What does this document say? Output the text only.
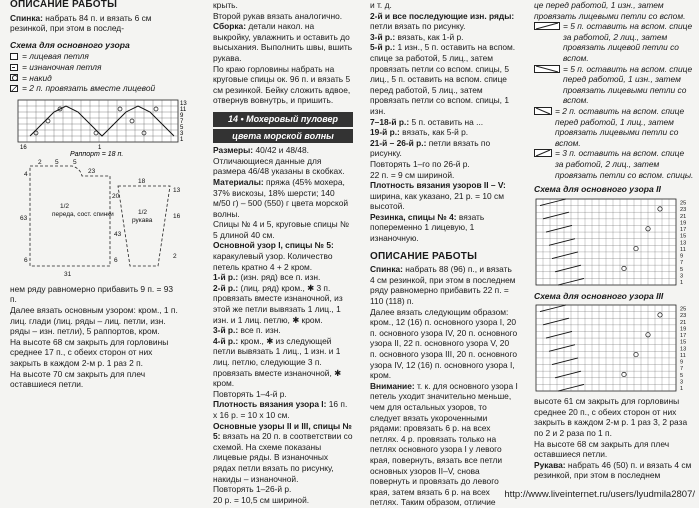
ОПИСАНИЕ РАБОТЫ

Спинка: набрать 84 п. и вязать 6 см резинкой, при этом в послед-

Схема для основного узора
= лицевая петля
= изнаночная петля
= накид
= 2 п. провязать вместе лицевой
13
11
9
7
5
3
1
16	1
Раппорт = 18 п.
1/2
переда, сост. спинки	1/2
рукава
2 5 5
23
18
20
4
63
6
16
13
2
43
6
31

нем ряду равномерно прибавить 9 п. = 93 п.

Далее вязать основным узором: кром., 1 п. лиц. глади (лиц. ряды – лиц. петли, изн. ряды – изн. петли), 5 раппортов, кром.

На высоте 68 см закрыть для горловины среднее 17 п., с обеих сторон от них закрыть в каждом 2-м р. 1 раз 2 п.

На высоте 70 см закрыть для плеч оставшиеся петли.

крыть.

Второй рукав вязать аналогично.

Сборка: детали накол. на выкройку, увлажнить и оставить до высыхания. Выполнить швы, вшить рукава.

По краю горловины набрать на круговые спицы ок. 96 п. и вязать 5 см резинкой. Бейку сложить вдвое, отвернув вовнутрь, и пришить.

14 • Мохеровый пуловер
цвета морской волны

Размеры: 40/42 и 48/48.

Отличающиеся данные для размера 46/48 указаны в скобках.

Материалы: пряжа (45% мохера, 37% вискозы, 18% шерсти; 140 м/50 г) – 500 (550) г цвета морской волны.

Спицы № 4 и 5, круговые спицы № 5 длиной 40 см.

Основной узор I, спицы № 5: каракулевый узор. Количество петель кратно 4 + 2 кром.

1-й р.: (изн. ряд) все п. изн.

2-й р.: (лиц. ряд) кром., ✱ 3 п. провязать вместе изнаночной, из этой же петли вывязать 1 лиц., 1 изн. и 1 лиц. петлю, ✱ кром.

3-й р.: все п. изн.

4-й р.: кром., ✱ из следующей петли вывязать 1 лиц., 1 изн. и 1 лиц. петлю, следующие 3 п. провязать вместе изнаночной, ✱ кром.

Повторять 1–4-й р.

Плотность вязания узора I: 16 п. х 16 р. = 10 х 10 см.

Основные узоры II и III, спицы № 5: вязать на 20 п. в соответствии со схемой. На схеме показаны лицевые ряды. В изнаночных рядах петли вязать по рисунку, накиды – изнаночной.

Повторять 1–26-й р.

20 р. = 10,5 см шириной.

и т. д.

2-й и все последующие изн. ряды: петли вязать по рисунку.

3-й р.: вязать, как 1-й р.

5-й р.: 1 изн., 5 п. оставить на вспом. спице за работой, 5 лиц., затем провязать петли со вспом. спицы, 5 лиц., 5 п. оставить на вспом. спице перед работой, 5 лиц., затем провязать петли со вспом. спицы, 1 изн.

7–18-й р.: 5 п. оставить на ...

19-й р.: вязать, как 5-й р.

21-й – 26-й р.: петли вязать по рисунку.

Повторять 1–го по 26-й р.

22 п. = 9 см шириной.

Плотность вязания узоров II – V: ширина, как указано, 21 р. = 10 см высотой.

Резинка, спицы № 4: вязать попеременно 1 лицевую, 1 изнаночную.

ОПИСАНИЕ РАБОТЫ

Спинка: набрать 88 (96) п., и вязать 4 см резинкой, при этом в последнем ряду равномерно прибавить 22 п. = 110 (118) п.

Далее вязать следующим образом: кром., 12 (16) п. основного узора I, 20 п. основного узора IV, 20 п. основного узора II, 22 п. основного узора V, 20 п. основного узора III, 20 п. основного узора IV, 12 (16) п. основного узора I, кром.

Внимание: т. к. для основного узора I петель уходит значительно меньше, чем для остальных узоров, то следует вязать укороченными рядами: провязать 6 р. на всех петлях. 4 р. провязать только на петлях основного узора I у левого края, повернуть, вязать все петли основных узоров II–V, снова повернуть и провязать до левого края, затем вязать 6 р. на всех петлях. Таким образом, отличие

це перед работой, 1 изн., затем провязать лицевыми петли со вспом.

= 5 п. оставить на вспом. спице за работой, 2 лиц., затем провязать лицевой петли со вспом.
= 5 п. оставить на вспом. спице перед работой, 1 изн., затем провязать лицевыми петли со вспом.
= 2 п. оставить на вспом. спице перед работой, 1 лиц., затем провязать лицевыми петли со вспом.
= 3 п. оставить на вспом. спице за работой, 2 лиц., затем провязать петли со вспом. спицы.
Схема для основного узора II
25
23
21
19
17
15
13
11
9
7
5
3
1
Схема для основного узора III
25
23
21
19
17
15
13
11
9
7
5
3
1

высоте 61 см закрыть для горловины среднее 20 п., с обеих сторон от них закрыть в каждом 2-м р. 1 раз 3, 2 раза по 2 и 2 раза по 1 п.

На высоте 68 см закрыть для плеч оставшиеся петли.

Рукава: набрать 46 (50) п. и вязать 4 см резинкой, при этом в последнем

http://www.liveinternet.ru/users/lyudmila2807/
